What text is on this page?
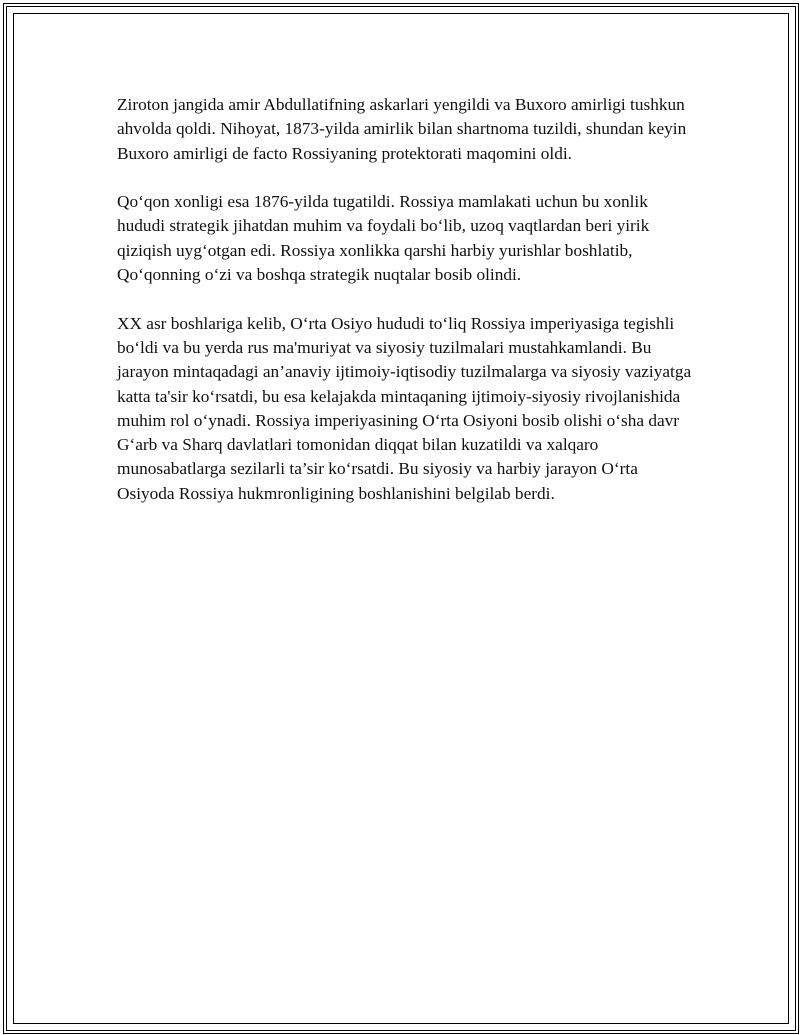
Ziroton jangida amir Abdullatifning askarlari yengildi va Buxoro amirligi tushkun ahvolda qoldi. Nihoyat, 1873-yilda amirlik bilan shartnoma tuzildi, shundan keyin Buxoro amirligi de facto Rossiyaning protektorati maqomini oldi.

Qo‘qon xonligi esa 1876-yilda tugatildi. Rossiya mamlakati uchun bu xonlik hududi strategik jihatdan muhim va foydali bo‘lib, uzoq vaqtlardan beri yirik qiziqish uyg‘otgan edi. Rossiya xonlikka qarshi harbiy yurishlar boshlatib, Qo‘qonning o‘zi va boshqa strategik nuqtalar bosib olindi.

XX asr boshlariga kelib, O‘rta Osiyo hududi to‘liq Rossiya imperiyasiga tegishli bo‘ldi va bu yerda rus ma'muriyat va siyosiy tuzilmalari mustahkamlandi. Bu jarayon mintaqadagi an’anaviy ijtimoiy-iqtisodiy tuzilmalarga va siyosiy vaziyatga katta ta'sir ko‘rsatdi, bu esa kelajakda mintaqaning ijtimoiy-siyosiy rivojlanishida muhim rol o‘ynadi. Rossiya imperiyasining O‘rta Osiyoni bosib olishi o‘sha davr G‘arb va Sharq davlatlari tomonidan diqqat bilan kuzatildi va xalqaro munosabatlarga sezilarli ta’sir ko‘rsatdi. Bu siyosiy va harbiy jarayon O‘rta Osiyoda Rossiya hukmronligining boshlanishini belgilab berdi.
